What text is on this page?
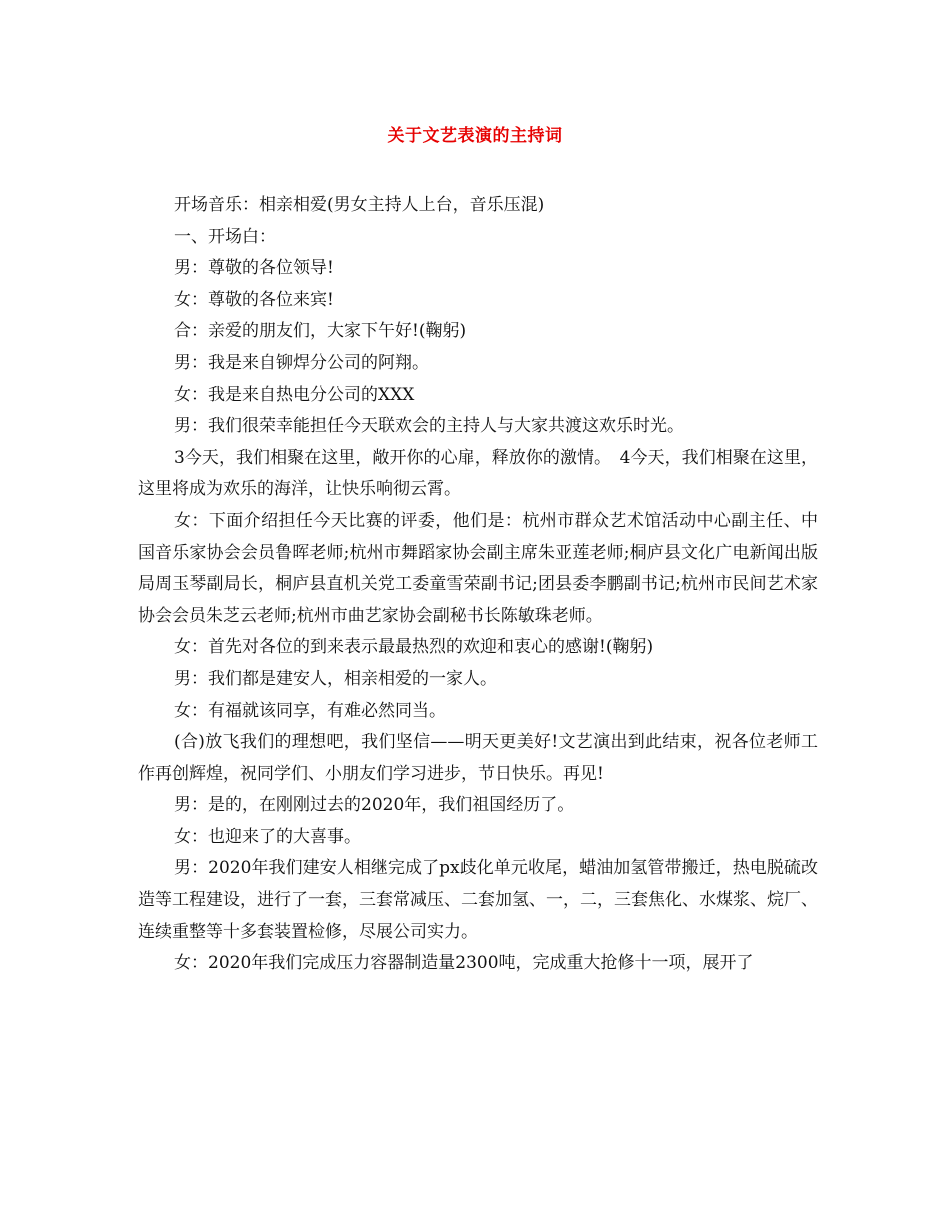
关于文艺表演的主持词

开场音乐：相亲相爱(男女主持人上台，音乐压混)

一、开场白：

男：尊敬的各位领导!

女：尊敬的各位来宾!

合：亲爱的朋友们，大家下午好!(鞠躬)

男：我是来自铆焊分公司的阿翔。

女：我是来自热电分公司的XXX

男：我们很荣幸能担任今天联欢会的主持人与大家共渡这欢乐时光。

3今天，我们相聚在这里，敞开你的心扉，释放你的激情。　4今天，我们相聚在这里，这里将成为欢乐的海洋，让快乐响彻云霄。

女：下面介绍担任今天比赛的评委，他们是：杭州市群众艺术馆活动中心副主任、中国音乐家协会会员鲁晖老师;杭州市舞蹈家协会副主席朱亚莲老师;桐庐县文化广电新闻出版局周玉琴副局长，桐庐县直机关党工委童雪荣副书记;团县委李鹏副书记;杭州市民间艺术家协会会员朱芝云老师;杭州市曲艺家协会副秘书长陈敏珠老师。

女：首先对各位的到来表示最最热烈的欢迎和衷心的感谢!(鞠躬)

男：我们都是建安人，相亲相爱的一家人。

女：有福就该同享，有难必然同当。

(合)放飞我们的理想吧，我们坚信——明天更美好!文艺演出到此结束，祝各位老师工作再创辉煌，祝同学们、小朋友们学习进步，节日快乐。再见!

男：是的，在刚刚过去的2020年，我们祖国经历了。

女：也迎来了的大喜事。

男：2020年我们建安人相继完成了px歧化单元收尾，蜡油加氢管带搬迁，热电脱硫改造等工程建设，进行了一套，三套常减压、二套加氢、一，二，三套焦化、水煤浆、烷厂、连续重整等十多套装置检修，尽展公司实力。

女：2020年我们完成压力容器制造量2300吨，完成重大抢修十一项，展开了
